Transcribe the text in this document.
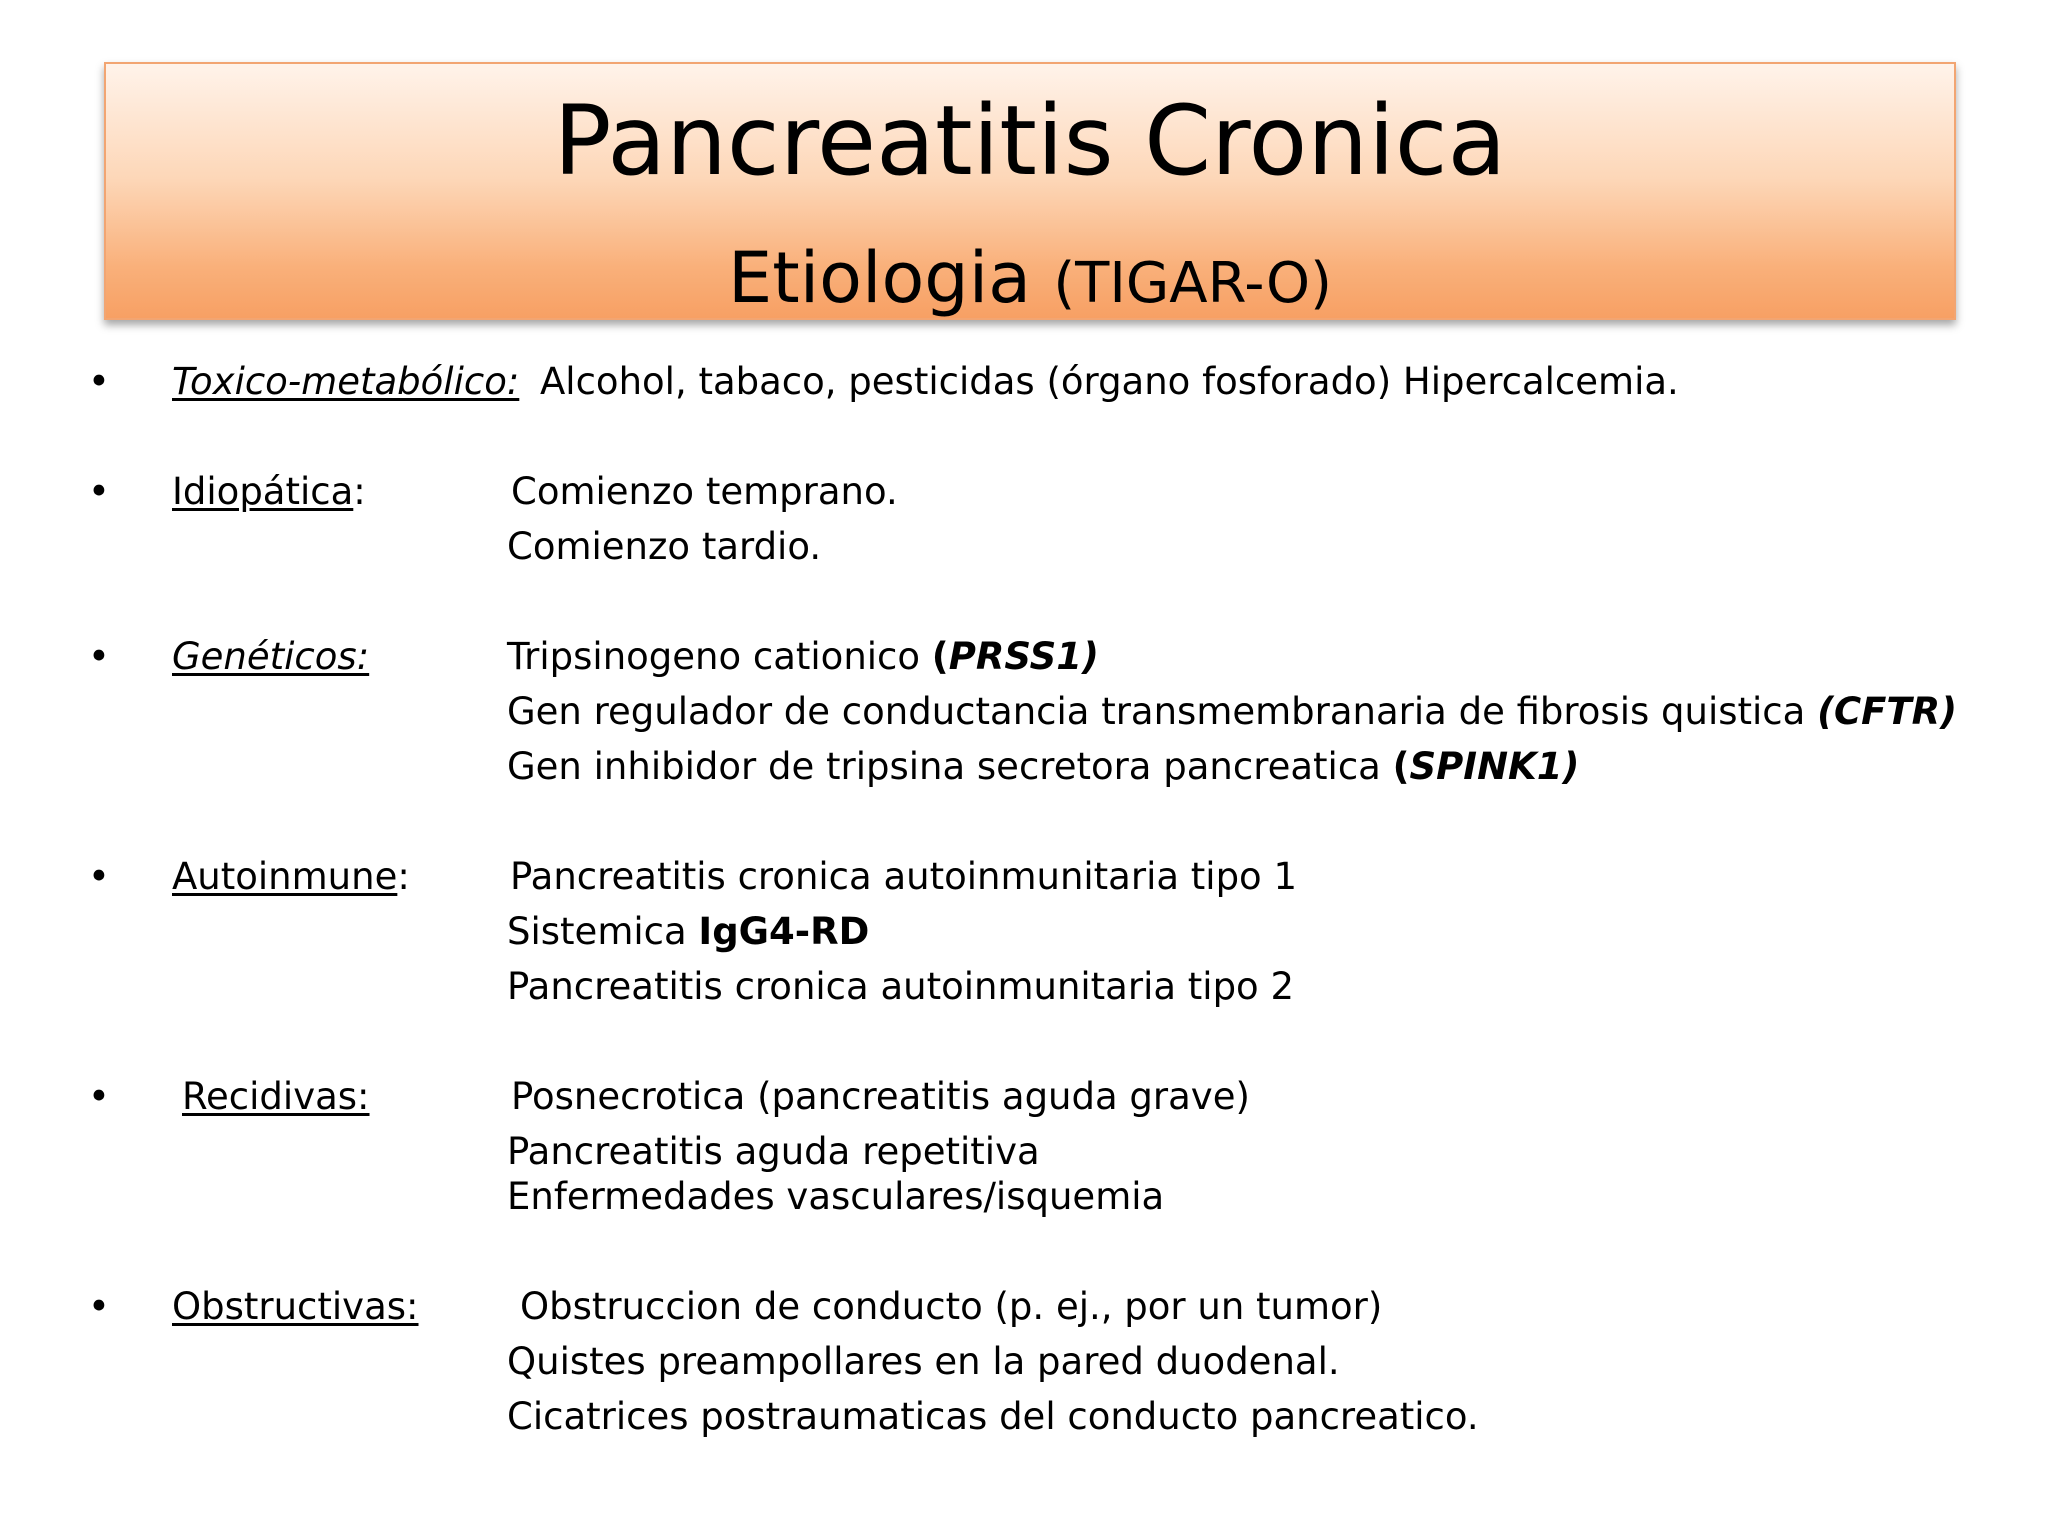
Pancreatitis Cronica
Etiologia (TIGAR-O)
• Toxico-metabólico: Alcohol, tabaco, pesticidas (órgano fosforado) Hipercalcemia.
• Idiopática:	Comienzo temprano.
Comienzo tardio.
• Genéticos:	Tripsinogeno cationico (PRSS1)
Gen regulador de conductancia transmembranaria de fibrosis quistica (CFTR)
Gen inhibidor de tripsina secretora pancreatica (SPINK1)
• Autoinmune:	Pancreatitis cronica autoinmunitaria tipo 1
Sistemica IgG4-RD
Pancreatitis cronica autoinmunitaria tipo 2
• Recidivas:	Posnecrotica (pancreatitis aguda grave)
Pancreatitis aguda repetitiva
Enfermedades vasculares/isquemia
• Obstructivas:	Obstruccion de conducto (p. ej., por un tumor)
Quistes preampollares en la pared duodenal.
Cicatrices postraumaticas del conducto pancreatico.
